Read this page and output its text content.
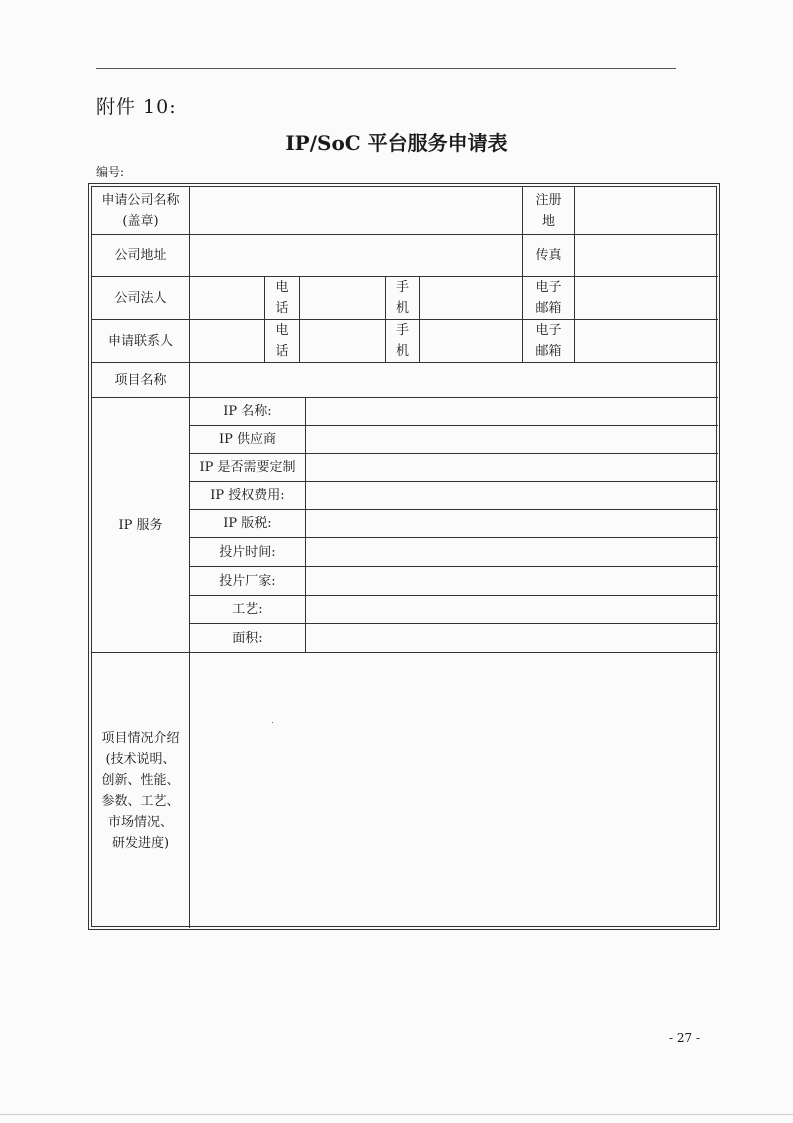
附件 10:
IP/SoC 平台服务申请表
编号:
申请公司名称
(盖章)
注册
地
公司地址	传真
公司法人
电
话
手
机
电子
邮箱
申请联系人
电
话
手
机
电子
邮箱
项目名称
IP 服务
IP 名称:
IP 供应商
IP 是否需要定制
IP 授权费用:
IP 版税:
投片时间:
投片厂家:
工艺:
面积:
项目情况介绍
(技术说明、
创新、性能、
参数、工艺、
市场情况、
研发进度)
- 27 -
